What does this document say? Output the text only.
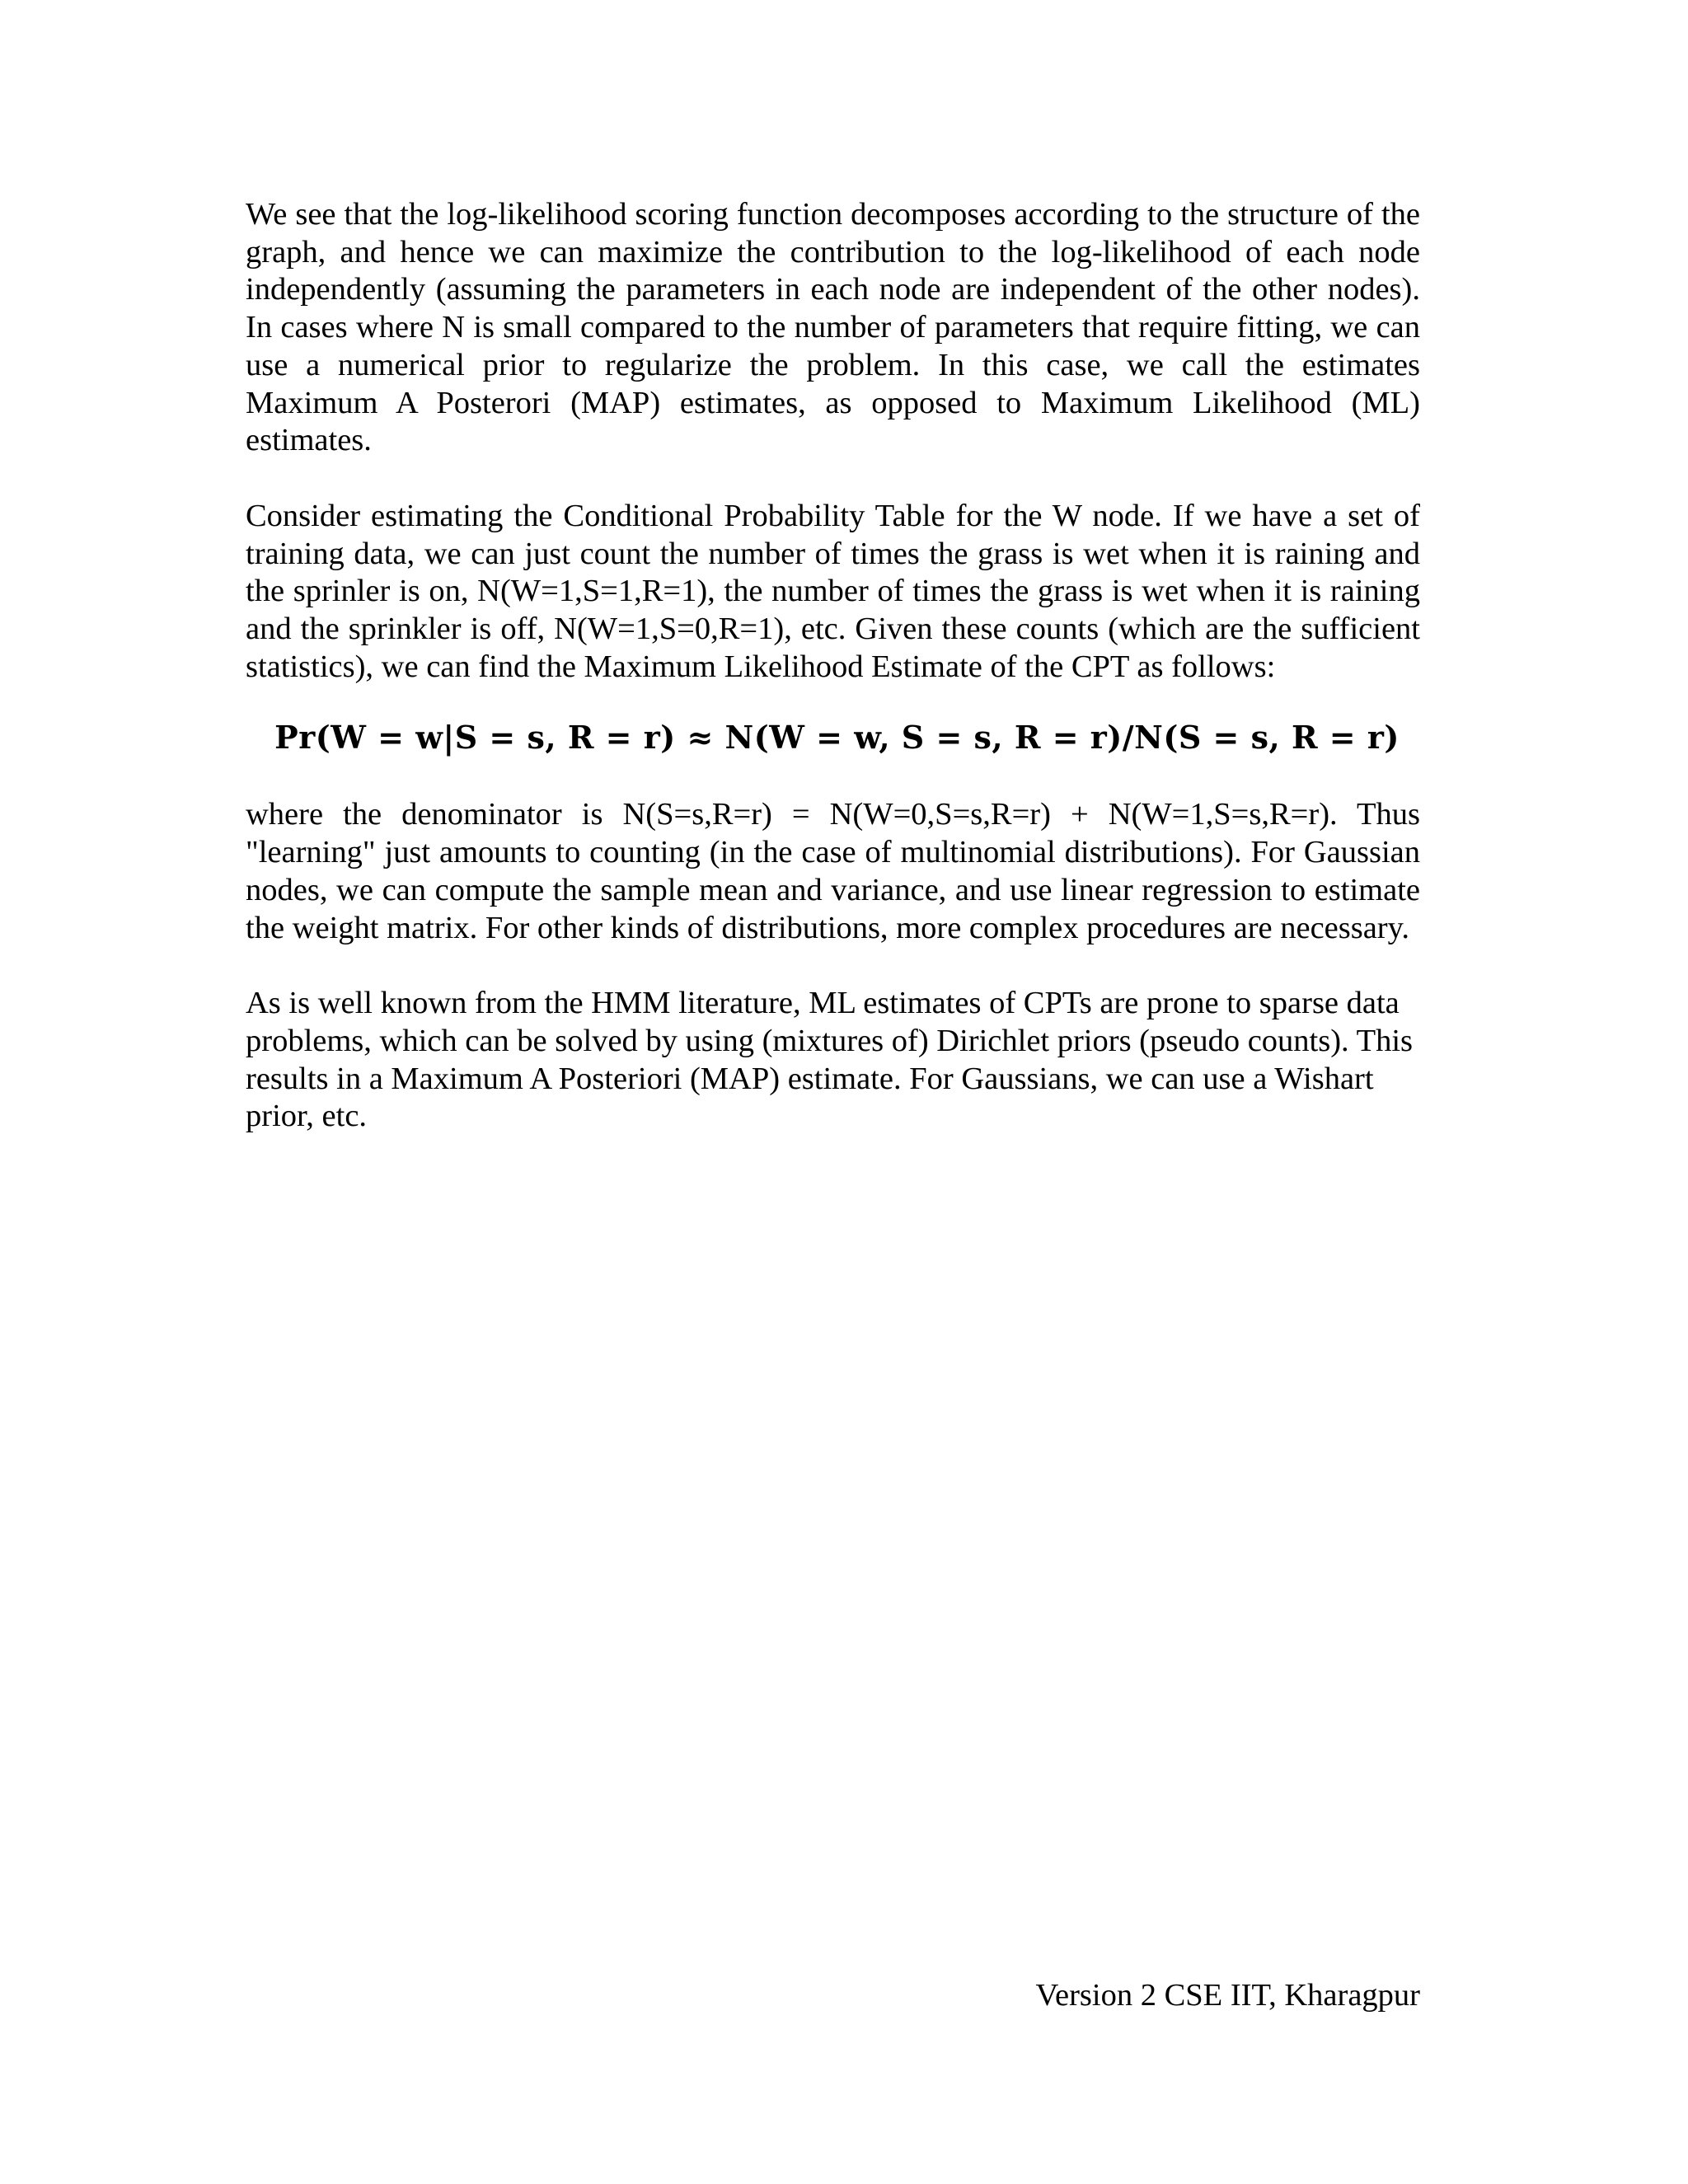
We see that the log-likelihood scoring function decomposes according to the structure of the graph, and hence we can maximize the contribution to the log-likelihood of each node independently (assuming the parameters in each node are independent of the other nodes). In cases where N is small compared to the number of parameters that require fitting, we can use a numerical prior to regularize the problem. In this case, we call the estimates Maximum A Posterori (MAP) estimates, as opposed to Maximum Likelihood (ML) estimates.

Consider estimating the Conditional Probability Table for the W node. If we have a set of training data, we can just count the number of times the grass is wet when it is raining and the sprinler is on, N(W=1,S=1,R=1), the number of times the grass is wet when it is raining and the sprinkler is off, N(W=1,S=0,R=1), etc. Given these counts (which are the sufficient statistics), we can find the Maximum Likelihood Estimate of the CPT as follows:

Pr(W = w|S = s, R = r) ≈ N(W = w, S = s, R = r)/N(S = s, R = r)

where the denominator is N(S=s,R=r) = N(W=0,S=s,R=r) + N(W=1,S=s,R=r). Thus "learning" just amounts to counting (in the case of multinomial distributions). For Gaussian nodes, we can compute the sample mean and variance, and use linear regression to estimate the weight matrix. For other kinds of distributions, more complex procedures are necessary.

As is well known from the HMM literature, ML estimates of CPTs are prone to sparse data problems, which can be solved by using (mixtures of) Dirichlet priors (pseudo counts). This results in a Maximum A Posteriori (MAP) estimate. For Gaussians, we can use a Wishart prior, etc.

Version 2 CSE IIT, Kharagpur
